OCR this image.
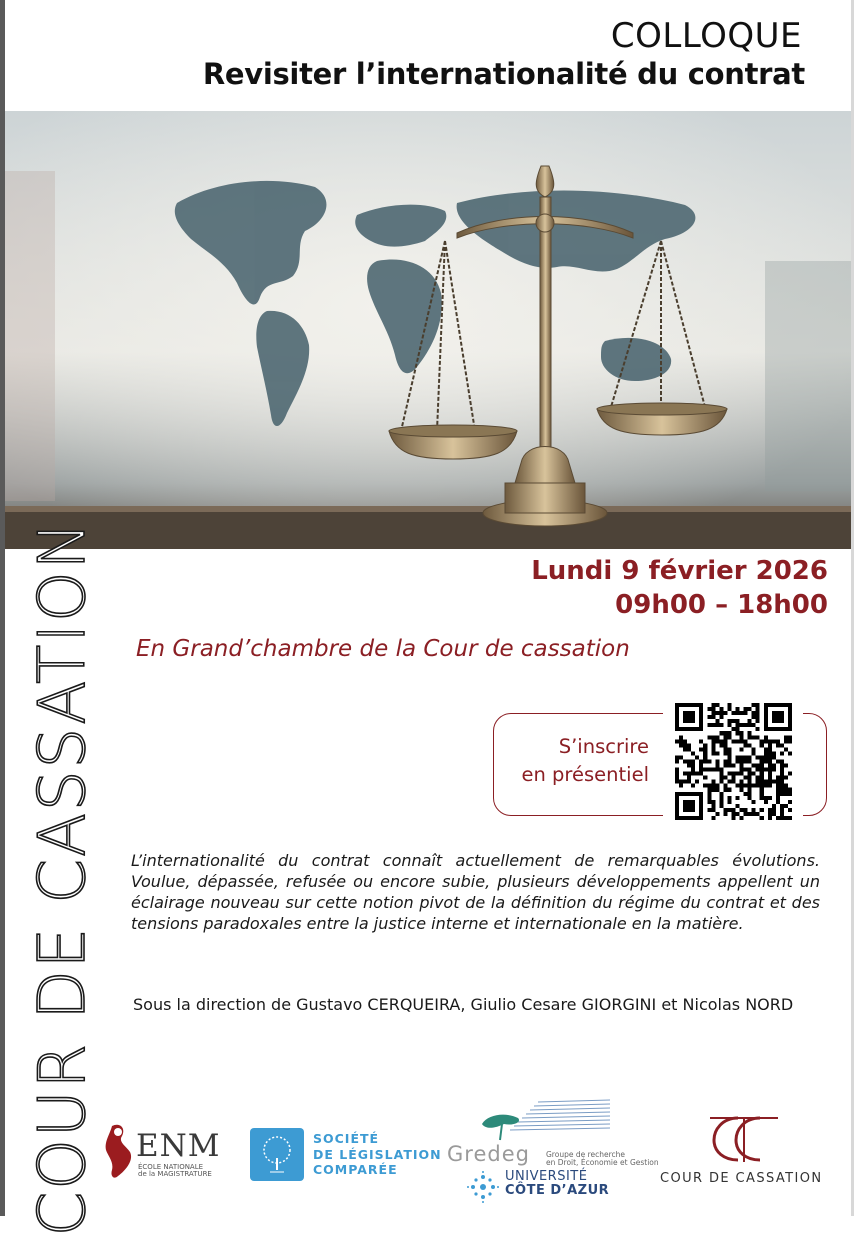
COLLOQUE
Revisiter l’internationalité du contrat
COUR DE CASSATION	Lundi 9 février 2026
09h00 – 18h00
En Grand’chambre de la Cour de cassation
S’inscrire
en présentiel
L’internationalité du contrat connaît actuellement de remarquables évolutions. Voulue, dépassée, refusée ou encore subie, plusieurs développements appellent un éclairage nouveau sur cette notion pivot de la définition du régime du contrat et des tensions paradoxales entre la justice interne et internationale en la matière.
Sous la direction de Gustavo CERQUEIRA, Giulio Cesare GIORGINI et Nicolas NORD
ENM
ÉCOLE NATIONALE
de la MAGISTRATURE
SOCIÉTÉ
DE LÉGISLATION
COMPARÉE
Gredeg Groupe de recherche
en Droit, Économie et Gestion
UNIVERSITÉ
CÔTE D’AZUR
COUR DE CASSATION
